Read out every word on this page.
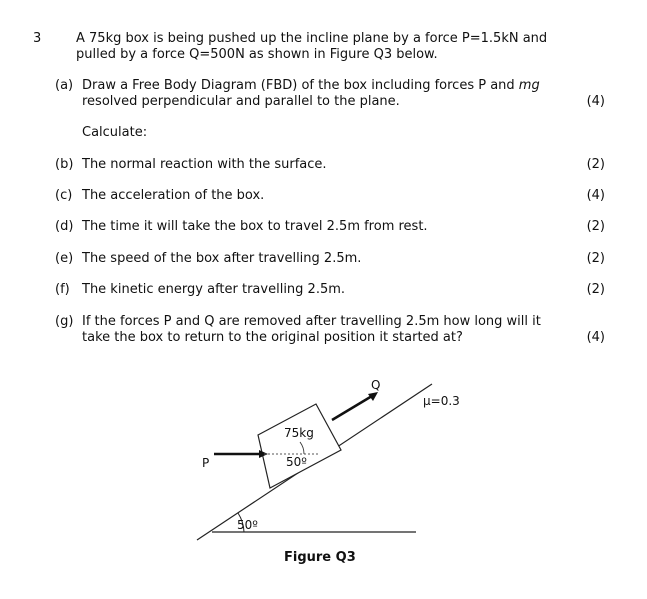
3	A 75kg box is being pushed up the incline plane by a force P=1.5kN and
pulled by a force Q=500N as shown in Figure Q3 below.
(a) Draw a Free Body Diagram (FBD) of the box including forces P and mg
resolved perpendicular and parallel to the plane.	(4)
Calculate:
(b) The normal reaction with the surface.	(2)
(c) The acceleration of the box.	(4)
(d) The time it will take the box to travel 2.5m from rest.	(2)
(e) The speed of the box after travelling 2.5m.	(2)
(f) The kinetic energy after travelling 2.5m.	(2)
(g) If the forces P and Q are removed after travelling 2.5m how long will it
take the box to return to the original position it started at?	(4)
75kg
50º
50º
P
Q
µ=0.3
Figure Q3
